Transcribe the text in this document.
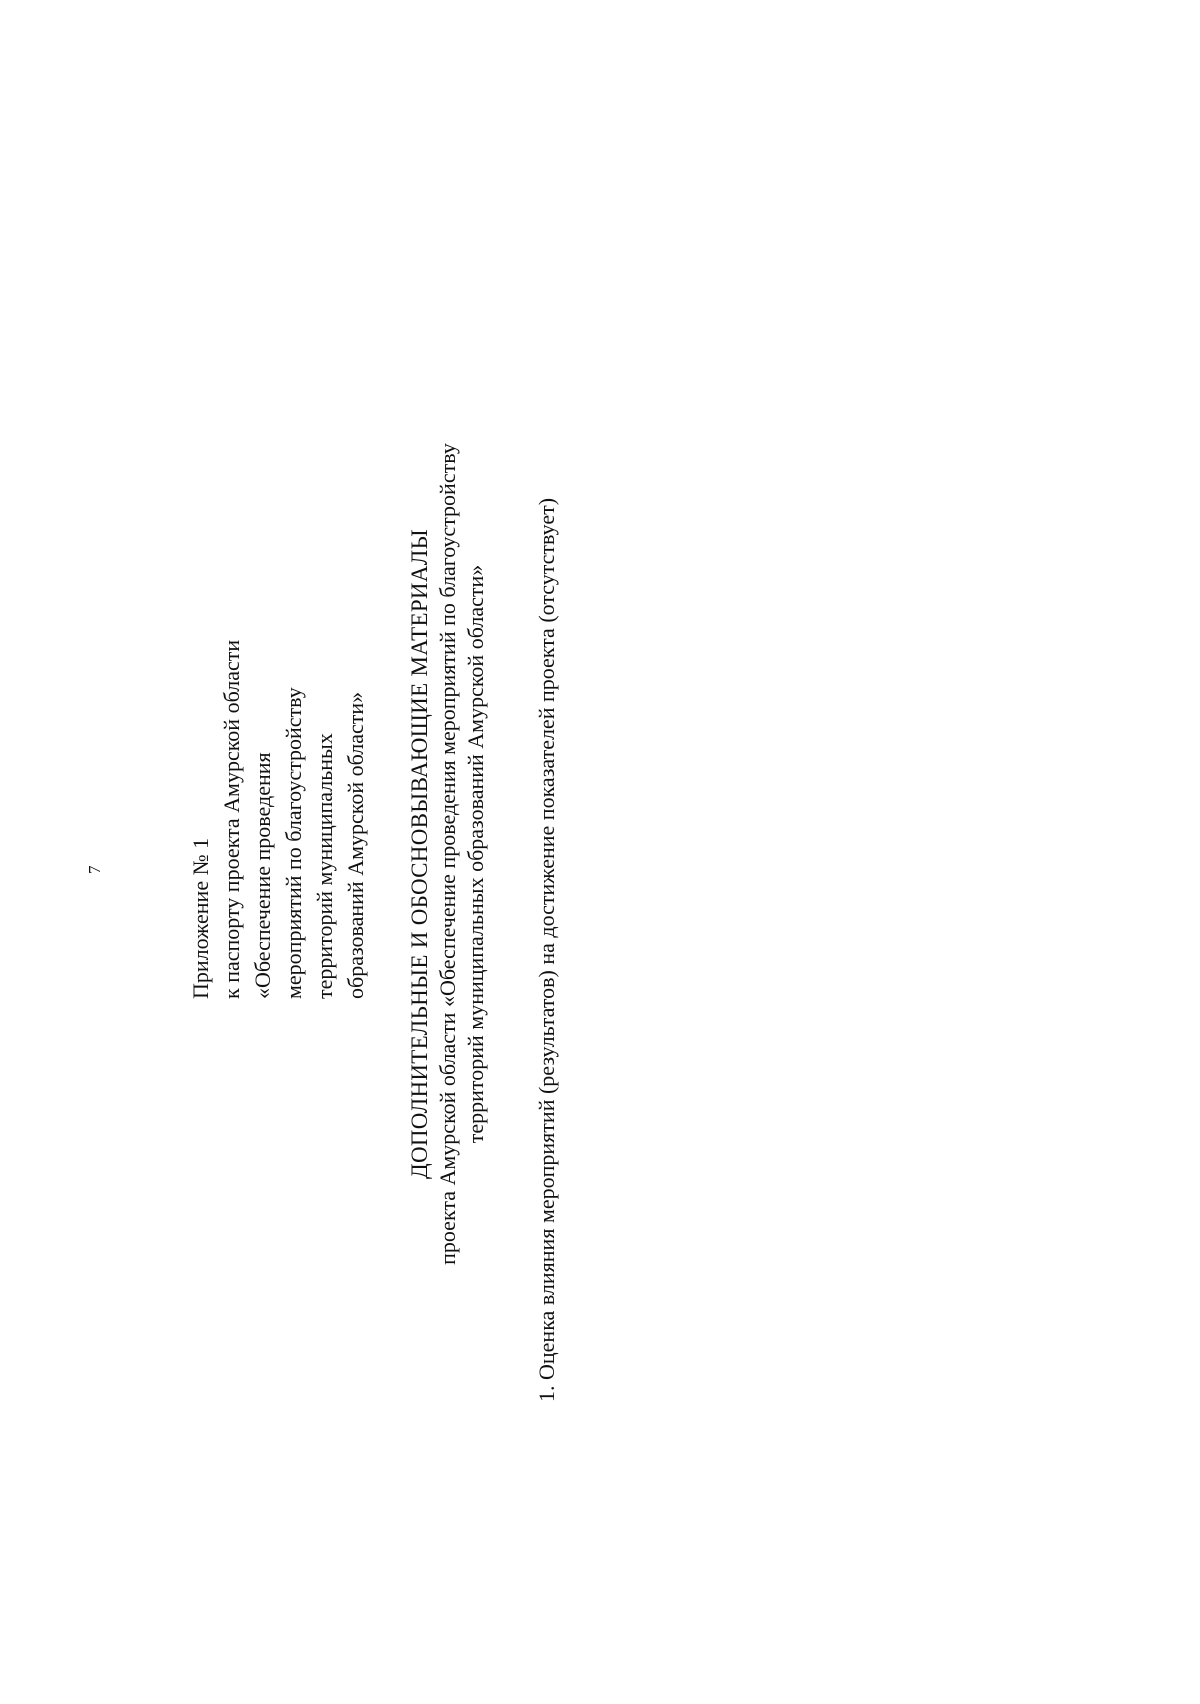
7	Приложение № 1 к паспорту проекта Амурской области «Обеспечение проведения мероприятий по благоустройству территорий муниципальных образований Амурской области» ДОПОЛНИТЕЛЬНЫЕ И ОБОСНОВЫВАЮЩИЕ МАТЕРИАЛЫ проекта Амурской области «Обеспечение проведения мероприятий по благоустройству территорий муниципальных образований Амурской области» 1. Оценка влияния мероприятий (результатов) на достижение показателей проекта (отсутствует)
